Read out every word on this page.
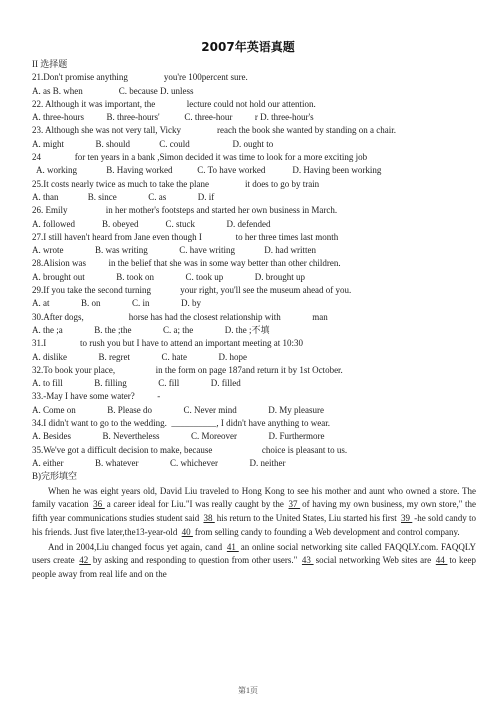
2007年英语真题
II 选择题
21.Don't promise anything                you're 100percent sure.
A. as B. when                C. because D. unless
22. Although it was important, the              lecture could not hold our attention.
A. three-hours          B. three-hours'           C. three-hour          r D. three-hour's
23. Although she was not very tall, Vicky                reach the book she wanted by standing on a chair.
A. might              B. should             C. could                   D. ought to
24               for ten years in a bank ,Simon decided it was time to look for a more exciting job
A. working             B. Having worked           C. To have worked            D. Having been working
25.It costs nearly twice as much to take the plane                it does to go by train
A. than             B. since              C. as              D. if
26. Emily                 in her mother's footsteps and started her own business in March.
A. followed            B. obeyed            C. stuck              D. defended
27.I still haven't heard from Jane even though I               to her three times last month
A. wrote              B. was writing              C. have writing             D. had written
28.Alision was          in the belief that she was in some way better than other children.
A. brought out              B. took on              C. took up              D. brought up
29.If you take the second turning             your right, you'll see the museum ahead of you.
A. at              B. on              C. in              D. by
30.After dogs,                    horse has had the closest relationship with              man
A. the ;a              B. the ;the              C. a; the              D. the ;不填
31.I               to rush you but I have to attend an important meeting at 10:30
A. dislike              B. regret              C. hate              D. hope
32.To book your place,                  in the form on page 187and return it by 1st October.
A. to fill              B. filling              C. fill              D. filled
33.-May I have some water?          -
A. Come on              B. Please do              C. Never mind              D. My pleasure
34.I didn't want to go to the wedding.  __________, I didn't have anything to wear.
A. Besides              B. Nevertheless              C. Moreover              D. Furthermore
35.We've got a difficult decision to make, because                      choice is pleasant to us.
A. either              B. whatever              C. whichever              D. neither
B)完形填空

When he was eight years old, David Liu traveled to Hong Kong to see his mother and aunt who owned a store. The family vacation 36 a career ideal for Liu."I was really caught by the 37 of having my own business, my own store," the fifth year communications studies student said 38 his return to the United States, Liu started his first 39 -he sold candy to his friends. Just five later,the13-year-old 40 from selling candy to founding a Web development and control company.

And in 2004,Liu changed focus yet again, cand 41 an online social networking site called FAQQLY.com. FAQQLY users create 42 by asking and responding to question from other users." 43 social networking Web sites are 44 to keep people away from real life and on the

第1页
